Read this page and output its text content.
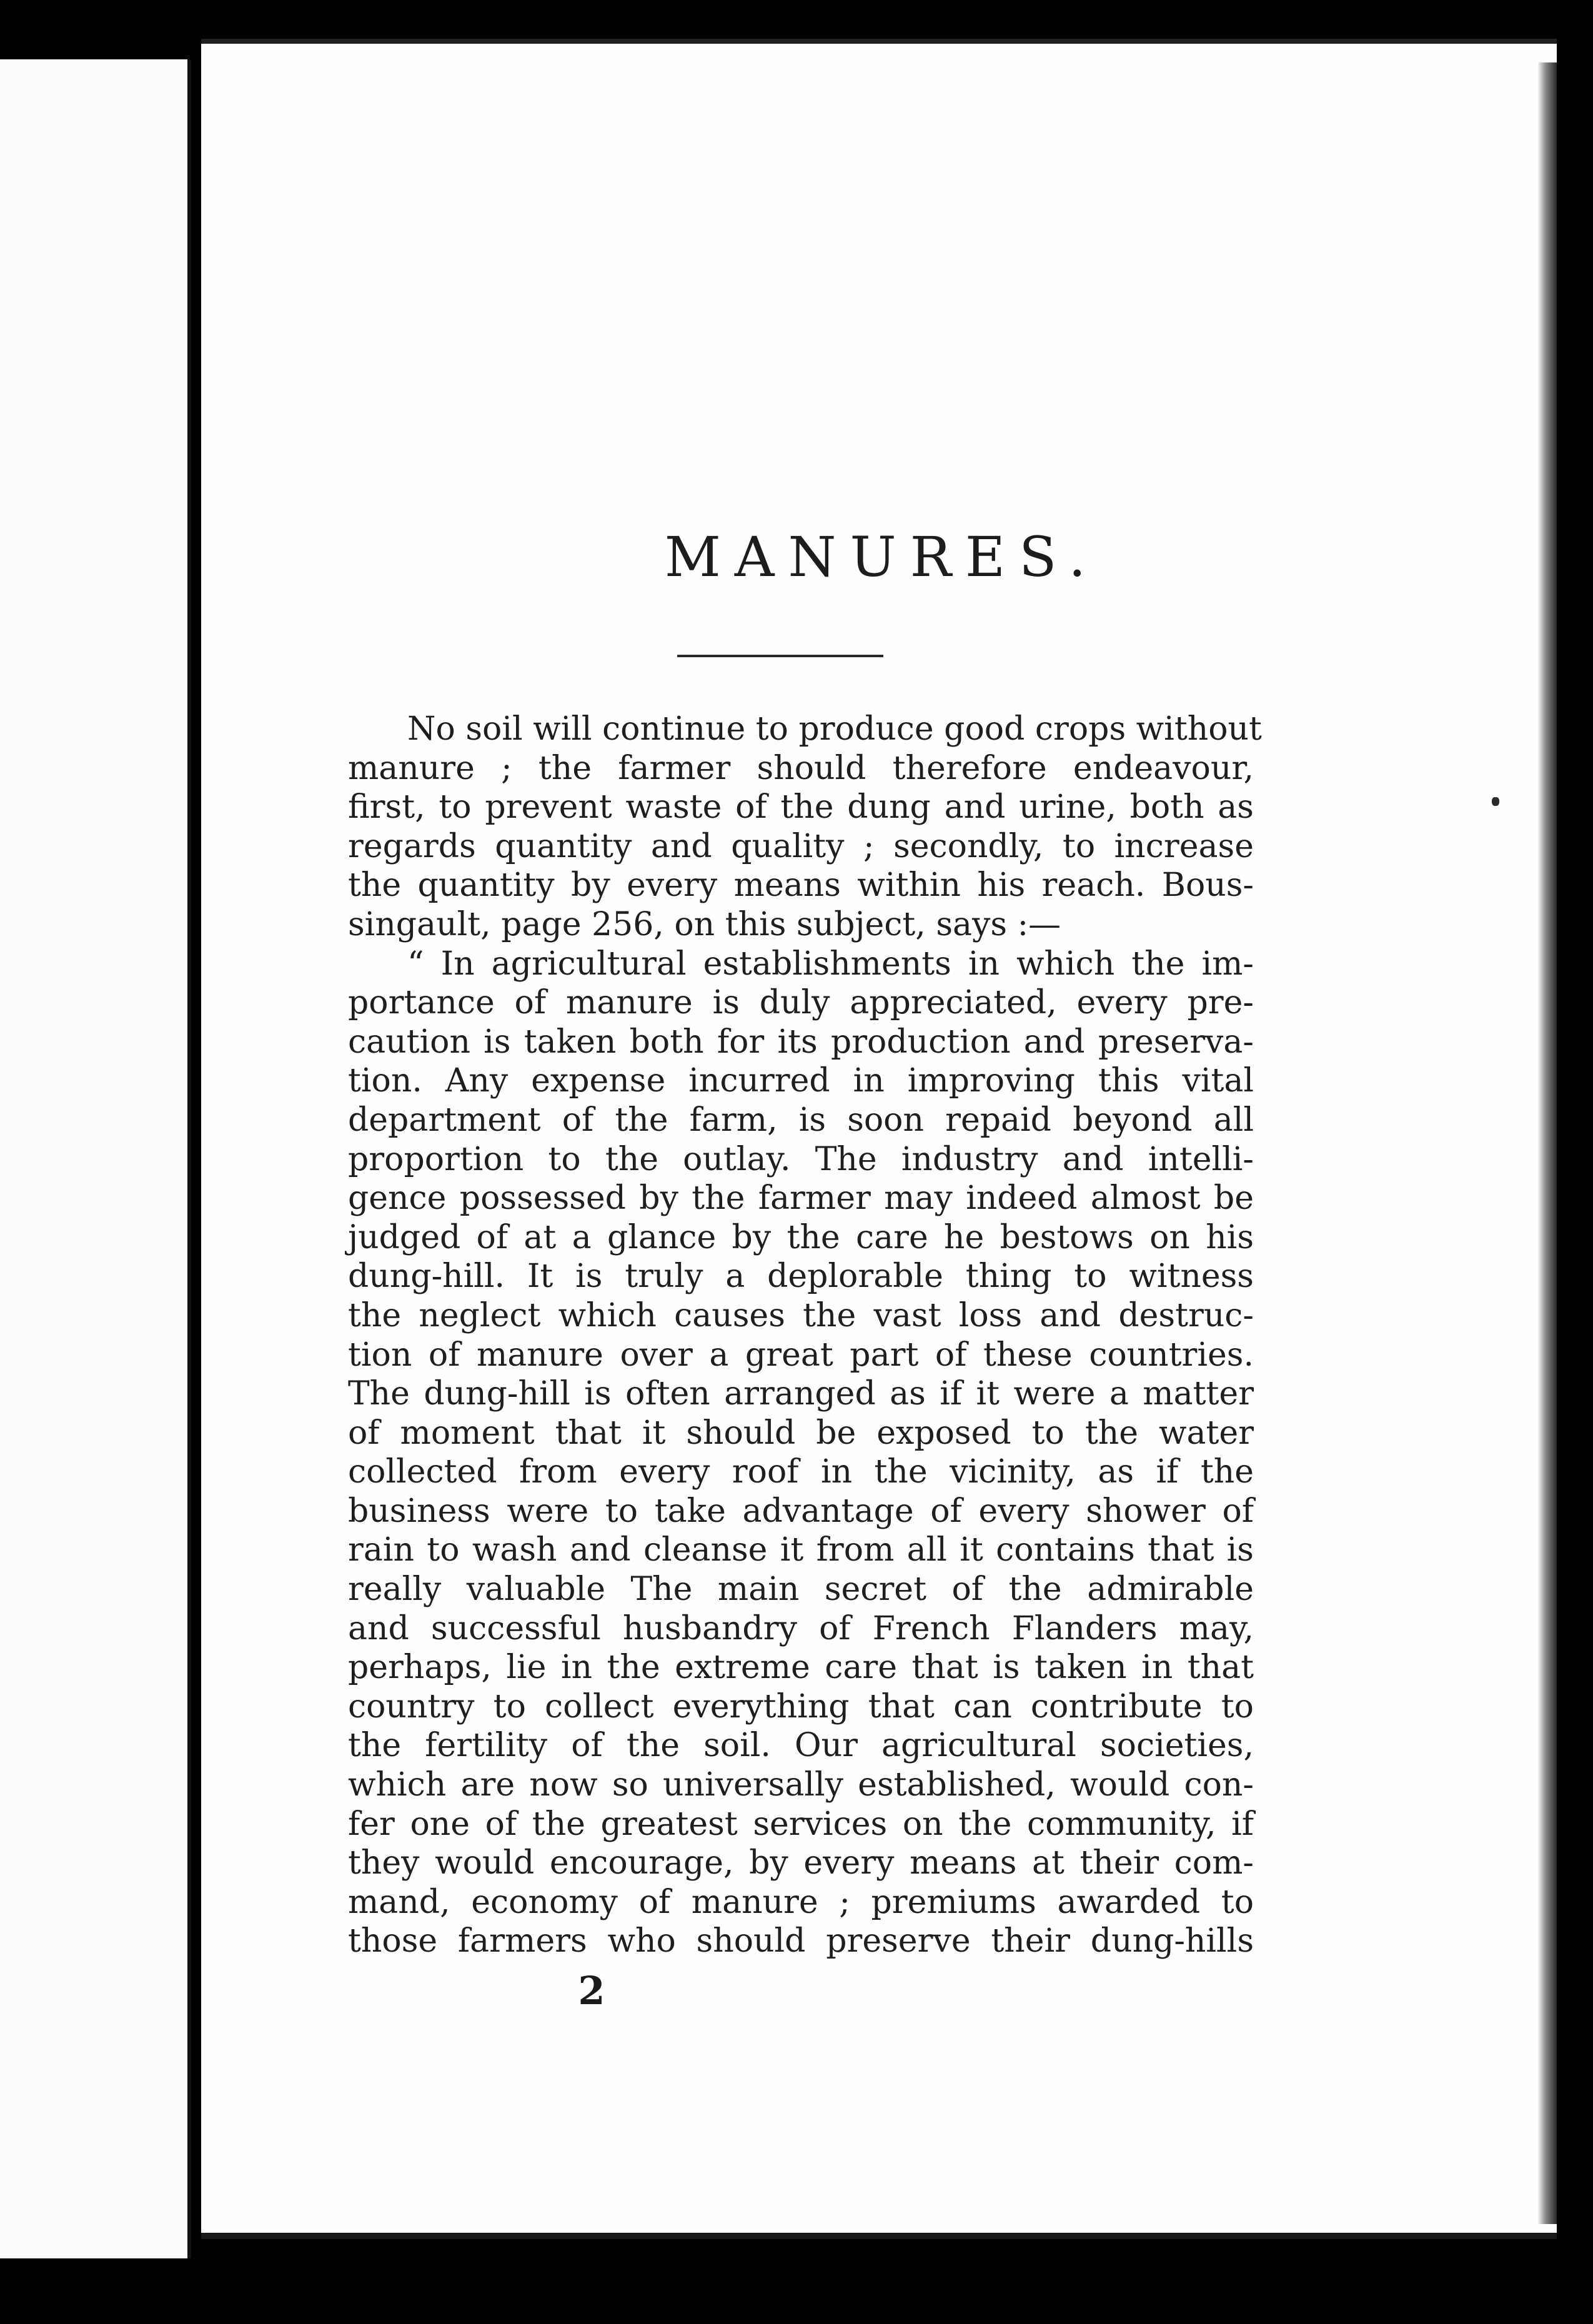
MANURES.
No soil will continue to produce good crops without
manure ; the farmer should therefore endeavour,
first, to prevent waste of the dung and urine, both as
regards quantity and quality ; secondly, to increase
the quantity by every means within his reach. Bous-
singault, page 256, on this subject, says :—
“ In agricultural establishments in which the im-
portance of manure is duly appreciated, every pre-
caution is taken both for its production and preserva-
tion. Any expense incurred in improving this vital
department of the farm, is soon repaid beyond all
proportion to the outlay. The industry and intelli-
gence possessed by the farmer may indeed almost be
judged of at a glance by the care he bestows on his
dung-hill. It is truly a deplorable thing to witness
the neglect which causes the vast loss and destruc-
tion of manure over a great part of these countries.
The dung-hill is often arranged as if it were a matter
of moment that it should be exposed to the water
collected from every roof in the vicinity, as if the
business were to take advantage of every shower of
rain to wash and cleanse it from all it contains that is
really valuable The main secret of the admirable
and successful husbandry of French Flanders may,
perhaps, lie in the extreme care that is taken in that
country to collect everything that can contribute to
the fertility of the soil. Our agricultural societies,
which are now so universally established, would con-
fer one of the greatest services on the community, if
they would encourage, by every means at their com-
mand, economy of manure ; premiums awarded to
those farmers who should preserve their dung-hills
2
